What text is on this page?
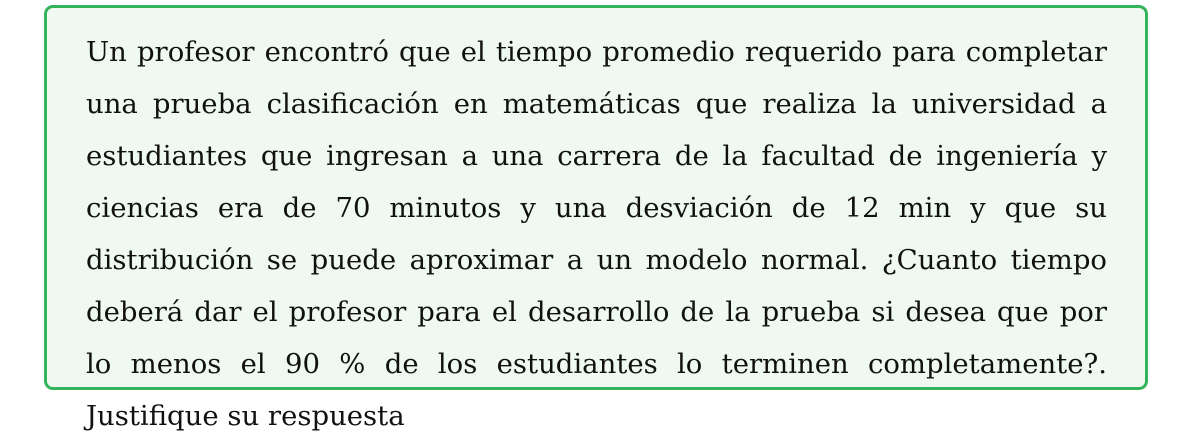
Un profesor encontró que el tiempo promedio requerido para completar una prueba clasificación en matemáticas que realiza la universidad a estudiantes que ingresan a una carrera de la facultad de ingeniería y ciencias era de 70 minutos y una desviación de 12 min y que su distribución se puede aproximar a un modelo normal. ¿Cuanto tiempo deberá dar el profesor para el desarrollo de la prueba si desea que por lo menos el 90 % de los estudiantes lo terminen completamente?. Justifique su respuesta
